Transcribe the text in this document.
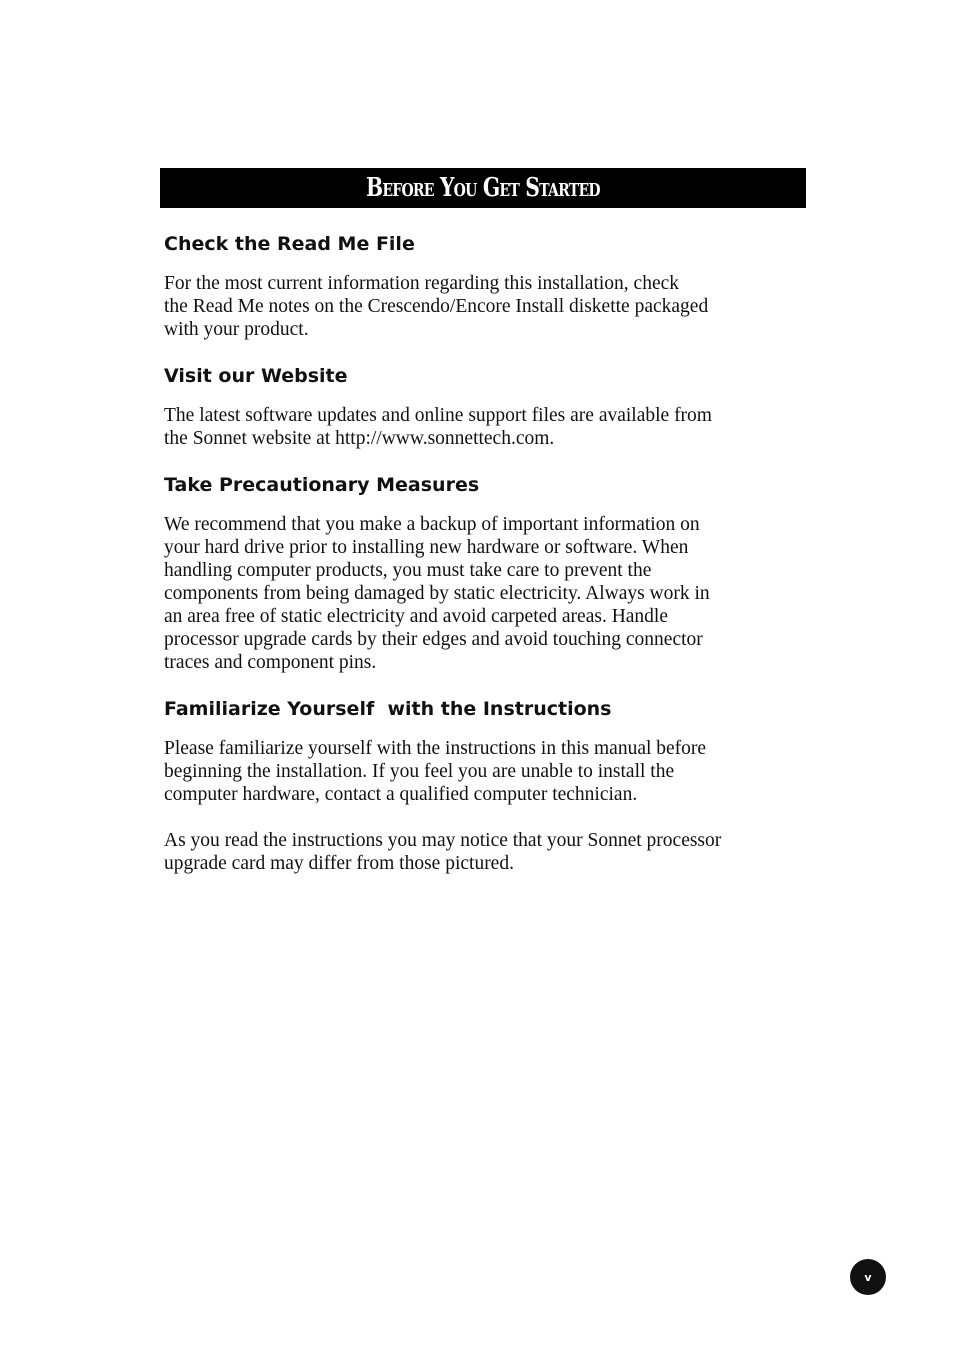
Before You Get Started
Check the Read Me File

For the most current information regarding this installation, check
the Read Me notes on the Crescendo/Encore Install diskette packaged
with your product.

Visit our Website

The latest software updates and online support files are available from
the Sonnet website at http://www.sonnettech.com.

Take Precautionary Measures

We recommend that you make a backup of important information on
your hard drive prior to installing new hardware or software. When
handling computer products, you must take care to prevent the
components from being damaged by static electricity. Always work in
an area free of static electricity and avoid carpeted areas. Handle
processor upgrade cards by their edges and avoid touching connector
traces and component pins.

Familiarize Yourself  with the Instructions

Please familiarize yourself with the instructions in this manual before
beginning the installation. If you feel you are unable to install the
computer hardware, contact a qualified computer technician.

As you read the instructions you may notice that your Sonnet processor
upgrade card may differ from those pictured.

v
